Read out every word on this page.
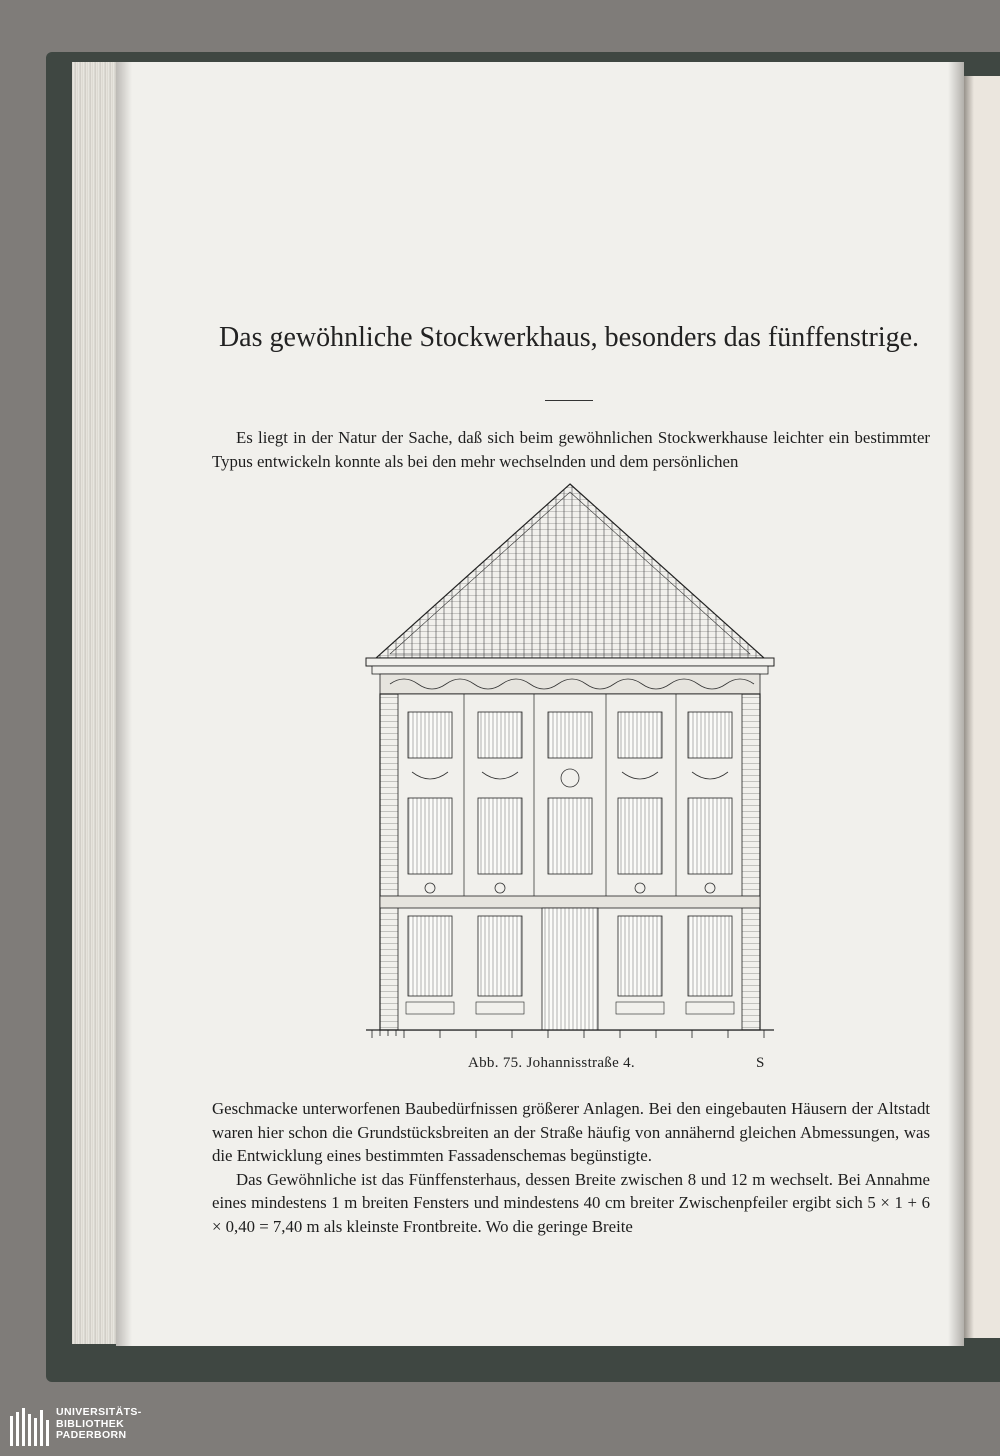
Das gewöhnliche Stockwerkhaus, besonders das fünffenstrige.
Es liegt in der Natur der Sache, daß sich beim gewöhnlichen Stockwerkhause leichter ein bestimmter Typus entwickeln konnte als bei den mehr wechselnden und dem persönlichen
Abb. 75. Johannisstraße 4.	S

Geschmacke unterworfenen Baubedürfnissen größerer Anlagen. Bei den eingebauten Häusern der Altstadt waren hier schon die Grundstücksbreiten an der Straße häufig von annähernd gleichen Abmessungen, was die Entwicklung eines bestimmten Fassadenschemas begünstigte.

Das Gewöhnliche ist das Fünffensterhaus, dessen Breite zwischen 8 und 12 m wechselt. Bei Annahme eines mindestens 1 m breiten Fensters und mindestens 40 cm breiter Zwischenpfeiler ergibt sich 5 × 1 + 6 × 0,40 = 7,40 m als kleinste Frontbreite. Wo die geringe Breite

UNIVERSITÄTS-
BIBLIOTHEK
PADERBORN
